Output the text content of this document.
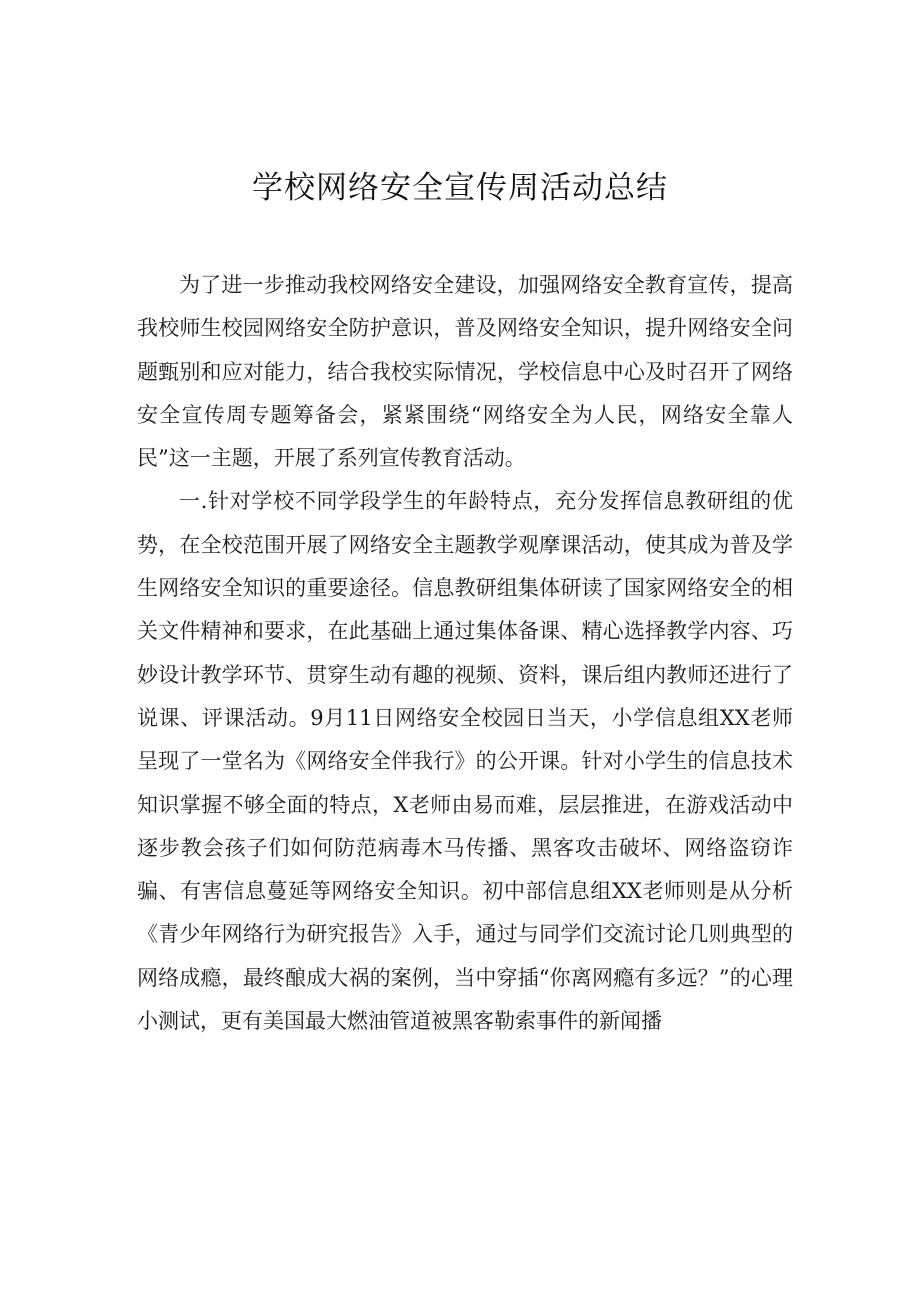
学校网络安全宣传周活动总结

为了进一步推动我校网络安全建设，加强网络安全教育宣传，提高我校师生校园网络安全防护意识，普及网络安全知识，提升网络安全问题甄别和应对能力，结合我校实际情况，学校信息中心及时召开了网络安全宣传周专题筹备会，紧紧围绕“网络安全为人民，网络安全靠人民”这一主题，开展了系列宣传教育活动。

一.针对学校不同学段学生的年龄特点，充分发挥信息教研组的优势，在全校范围开展了网络安全主题教学观摩课活动，使其成为普及学生网络安全知识的重要途径。信息教研组集体研读了国家网络安全的相关文件精神和要求，在此基础上通过集体备课、精心选择教学内容、巧妙设计教学环节、贯穿生动有趣的视频、资料，课后组内教师还进行了说课、评课活动。9月11日网络安全校园日当天，小学信息组XX老师呈现了一堂名为《网络安全伴我行》的公开课。针对小学生的信息技术知识掌握不够全面的特点，X老师由易而难，层层推进，在游戏活动中逐步教会孩子们如何防范病毒木马传播、黑客攻击破坏、网络盗窃诈骗、有害信息蔓延等网络安全知识。初中部信息组XX老师则是从分析《青少年网络行为研究报告》入手，通过与同学们交流讨论几则典型的网络成瘾，最终酿成大祸的案例，当中穿插“你离网瘾有多远？”的心理小测试，更有美国最大燃油管道被黑客勒索事件的新闻播
